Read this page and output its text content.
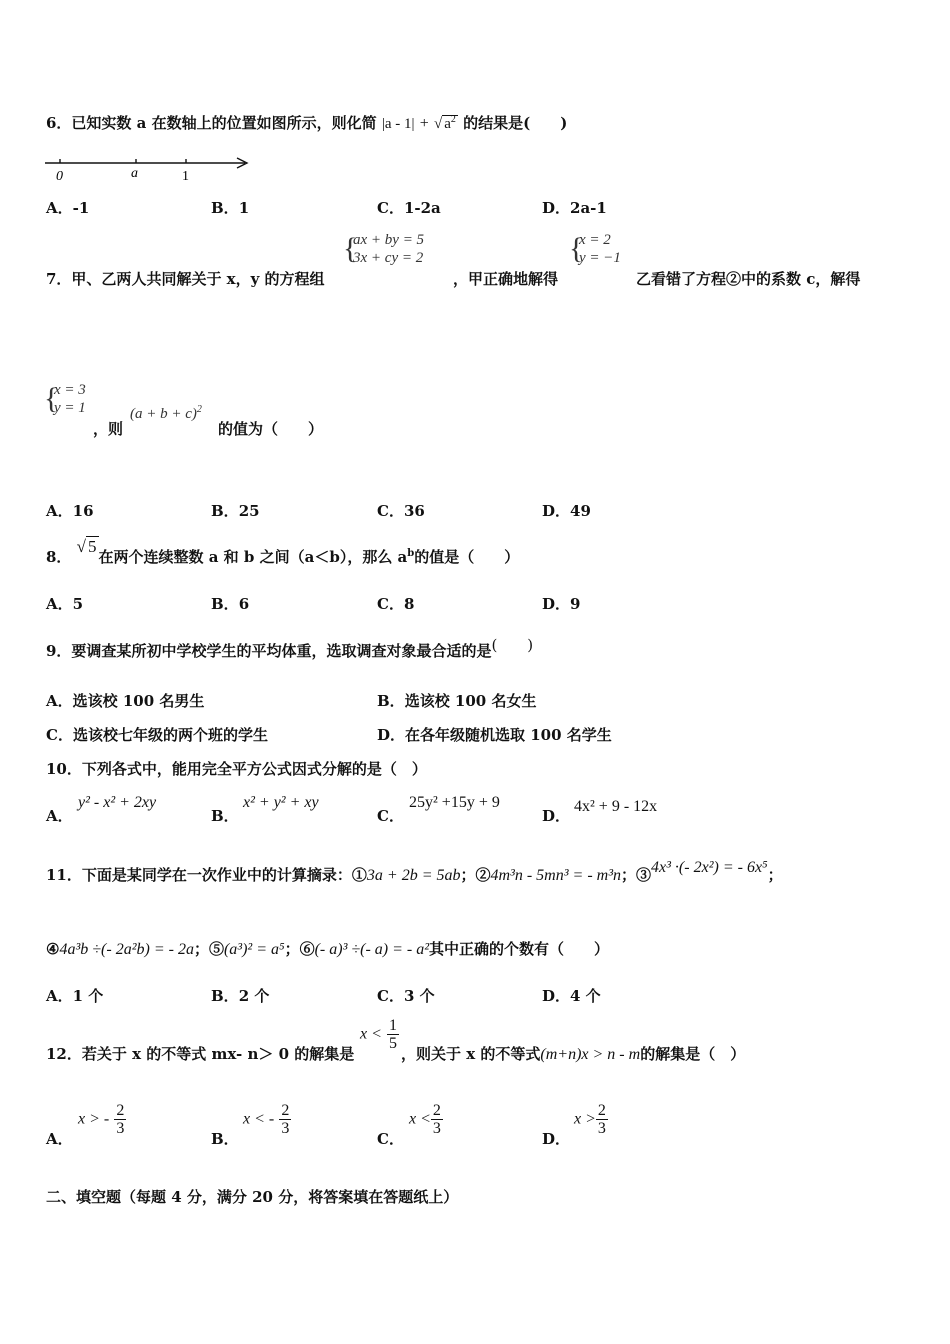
6．已知实数 a 在数轴上的位置如图所示，则化简 |a - 1| + √ $a^2$ 的结果是(　　)
0	a	1
A．-1	B．1	C．1-2a	D．2a-1
7．甲、乙两人共同解关于 x，y 的方程组
{ ax + by = 5
3x + cy = 2
，甲正确地解得
{ x = 2
y = −1
乙看错了方程②中的系数 c，解得
{ x = 3
y = 1
，则
$(a + b + c)^2$
的值为（　　）
A．16	B．25	C．36	D．49
8． √ 5在两个连续整数 a 和 b 之间（a＜b），那么 $a^b$的值是（　　）
A．5	B．6	C．8	D．9
9．要调查某所初中学校学生的平均体重，选取调查对象最合适的是(　　)
A．选该校 100 名男生	B．选该校 100 名女生
C．选该校七年级的两个班的学生	D．在各年级随机选取 100 名学生
10．下列各式中，能用完全平方公式因式分解的是（　）
A．
y² - x² + 2xy
B．
x² + y² + xy
C．
25y² +15y + 9
D．
4x² + 9 - 12x
11．下面是某同学在一次作业中的计算摘录：①3a + 2b = 5ab；②4m³n - 5mn³ = - m³n；③4x³ ·(- 2x²) = - 6x⁵；
④4a³b ÷(- 2a²b) = - 2a；⑤(a³)² = a⁵；⑥(- a)³ ÷(- a) = - a²其中正确的个数有（　　）
A．1 个	B．2 个	C．3 个	D．4 个
12．若关于 x 的不等式 mx- n＞ 0 的解集是
$x < \frac{1}{5}$
，则关于 x 的不等式(m+n)x > n - m的解集是（　）
A．
x > - $\frac{2}{3}$
B．
x < - $\frac{2}{3}$
C．
$x < \frac{2}{3}$
D．
$x > \frac{2}{3}$
二、填空题（每题 4 分，满分 20 分，将答案填在答题纸上）
